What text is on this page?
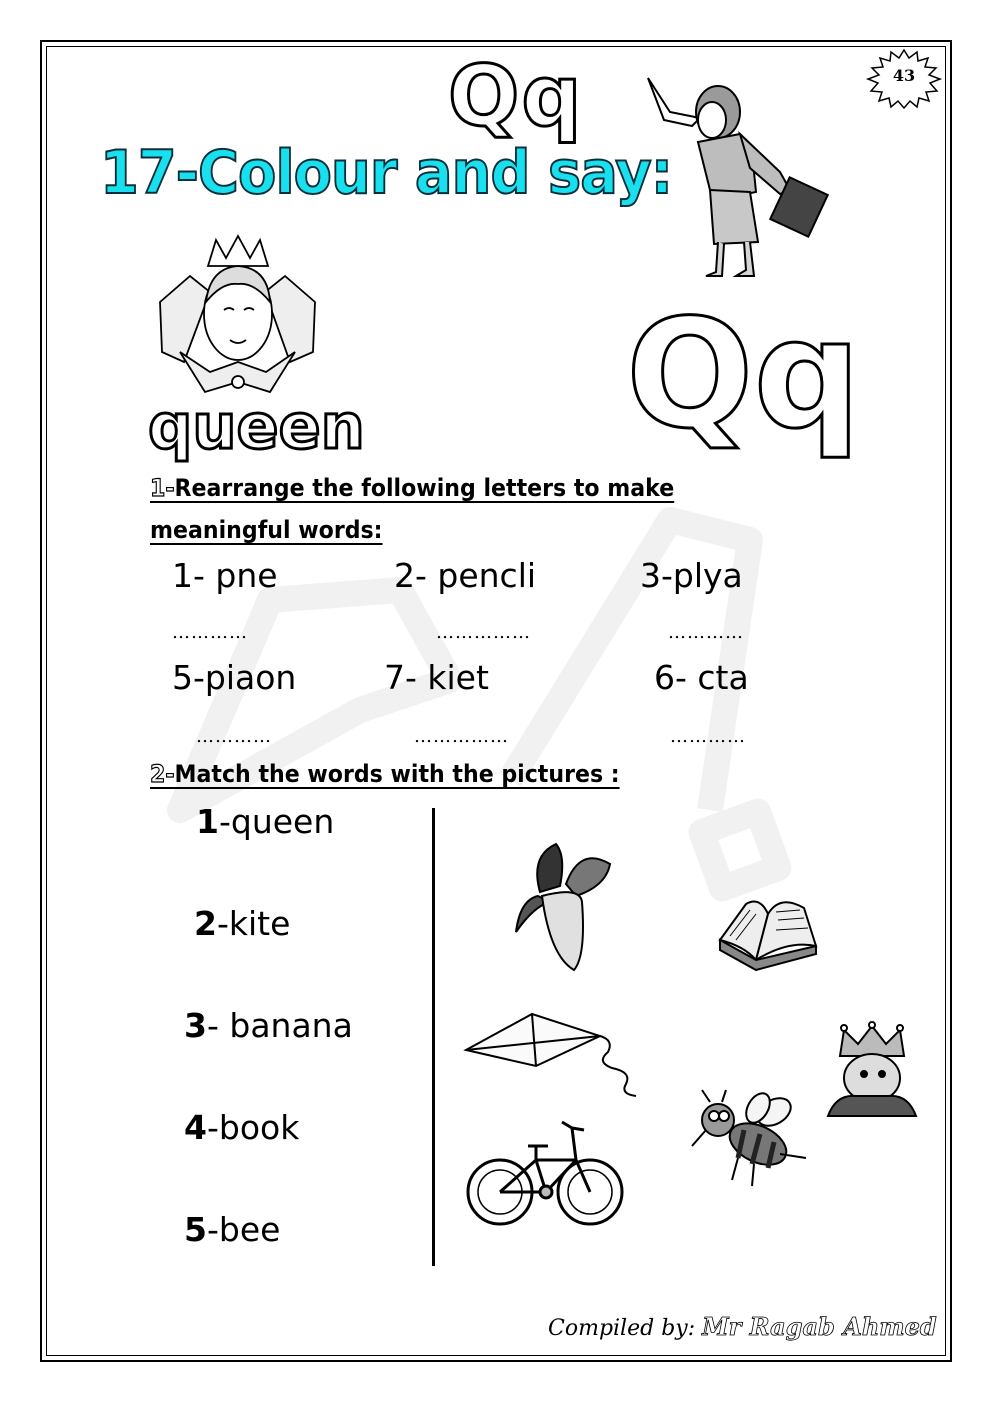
43
Qq
17-Colour and say:
Qq
queen
1-Rearrange the following letters to make
meaningful words:
1- pne	2- pencli	3-plya
…………	……………	…………
5-piaon	7- kiet	6- cta
…………	……………	…………
2-Match the words with the pictures :
1-queen
2-kite
3- banana
4-book
5-bee
Compiled by: Mr Ragab Ahmed
